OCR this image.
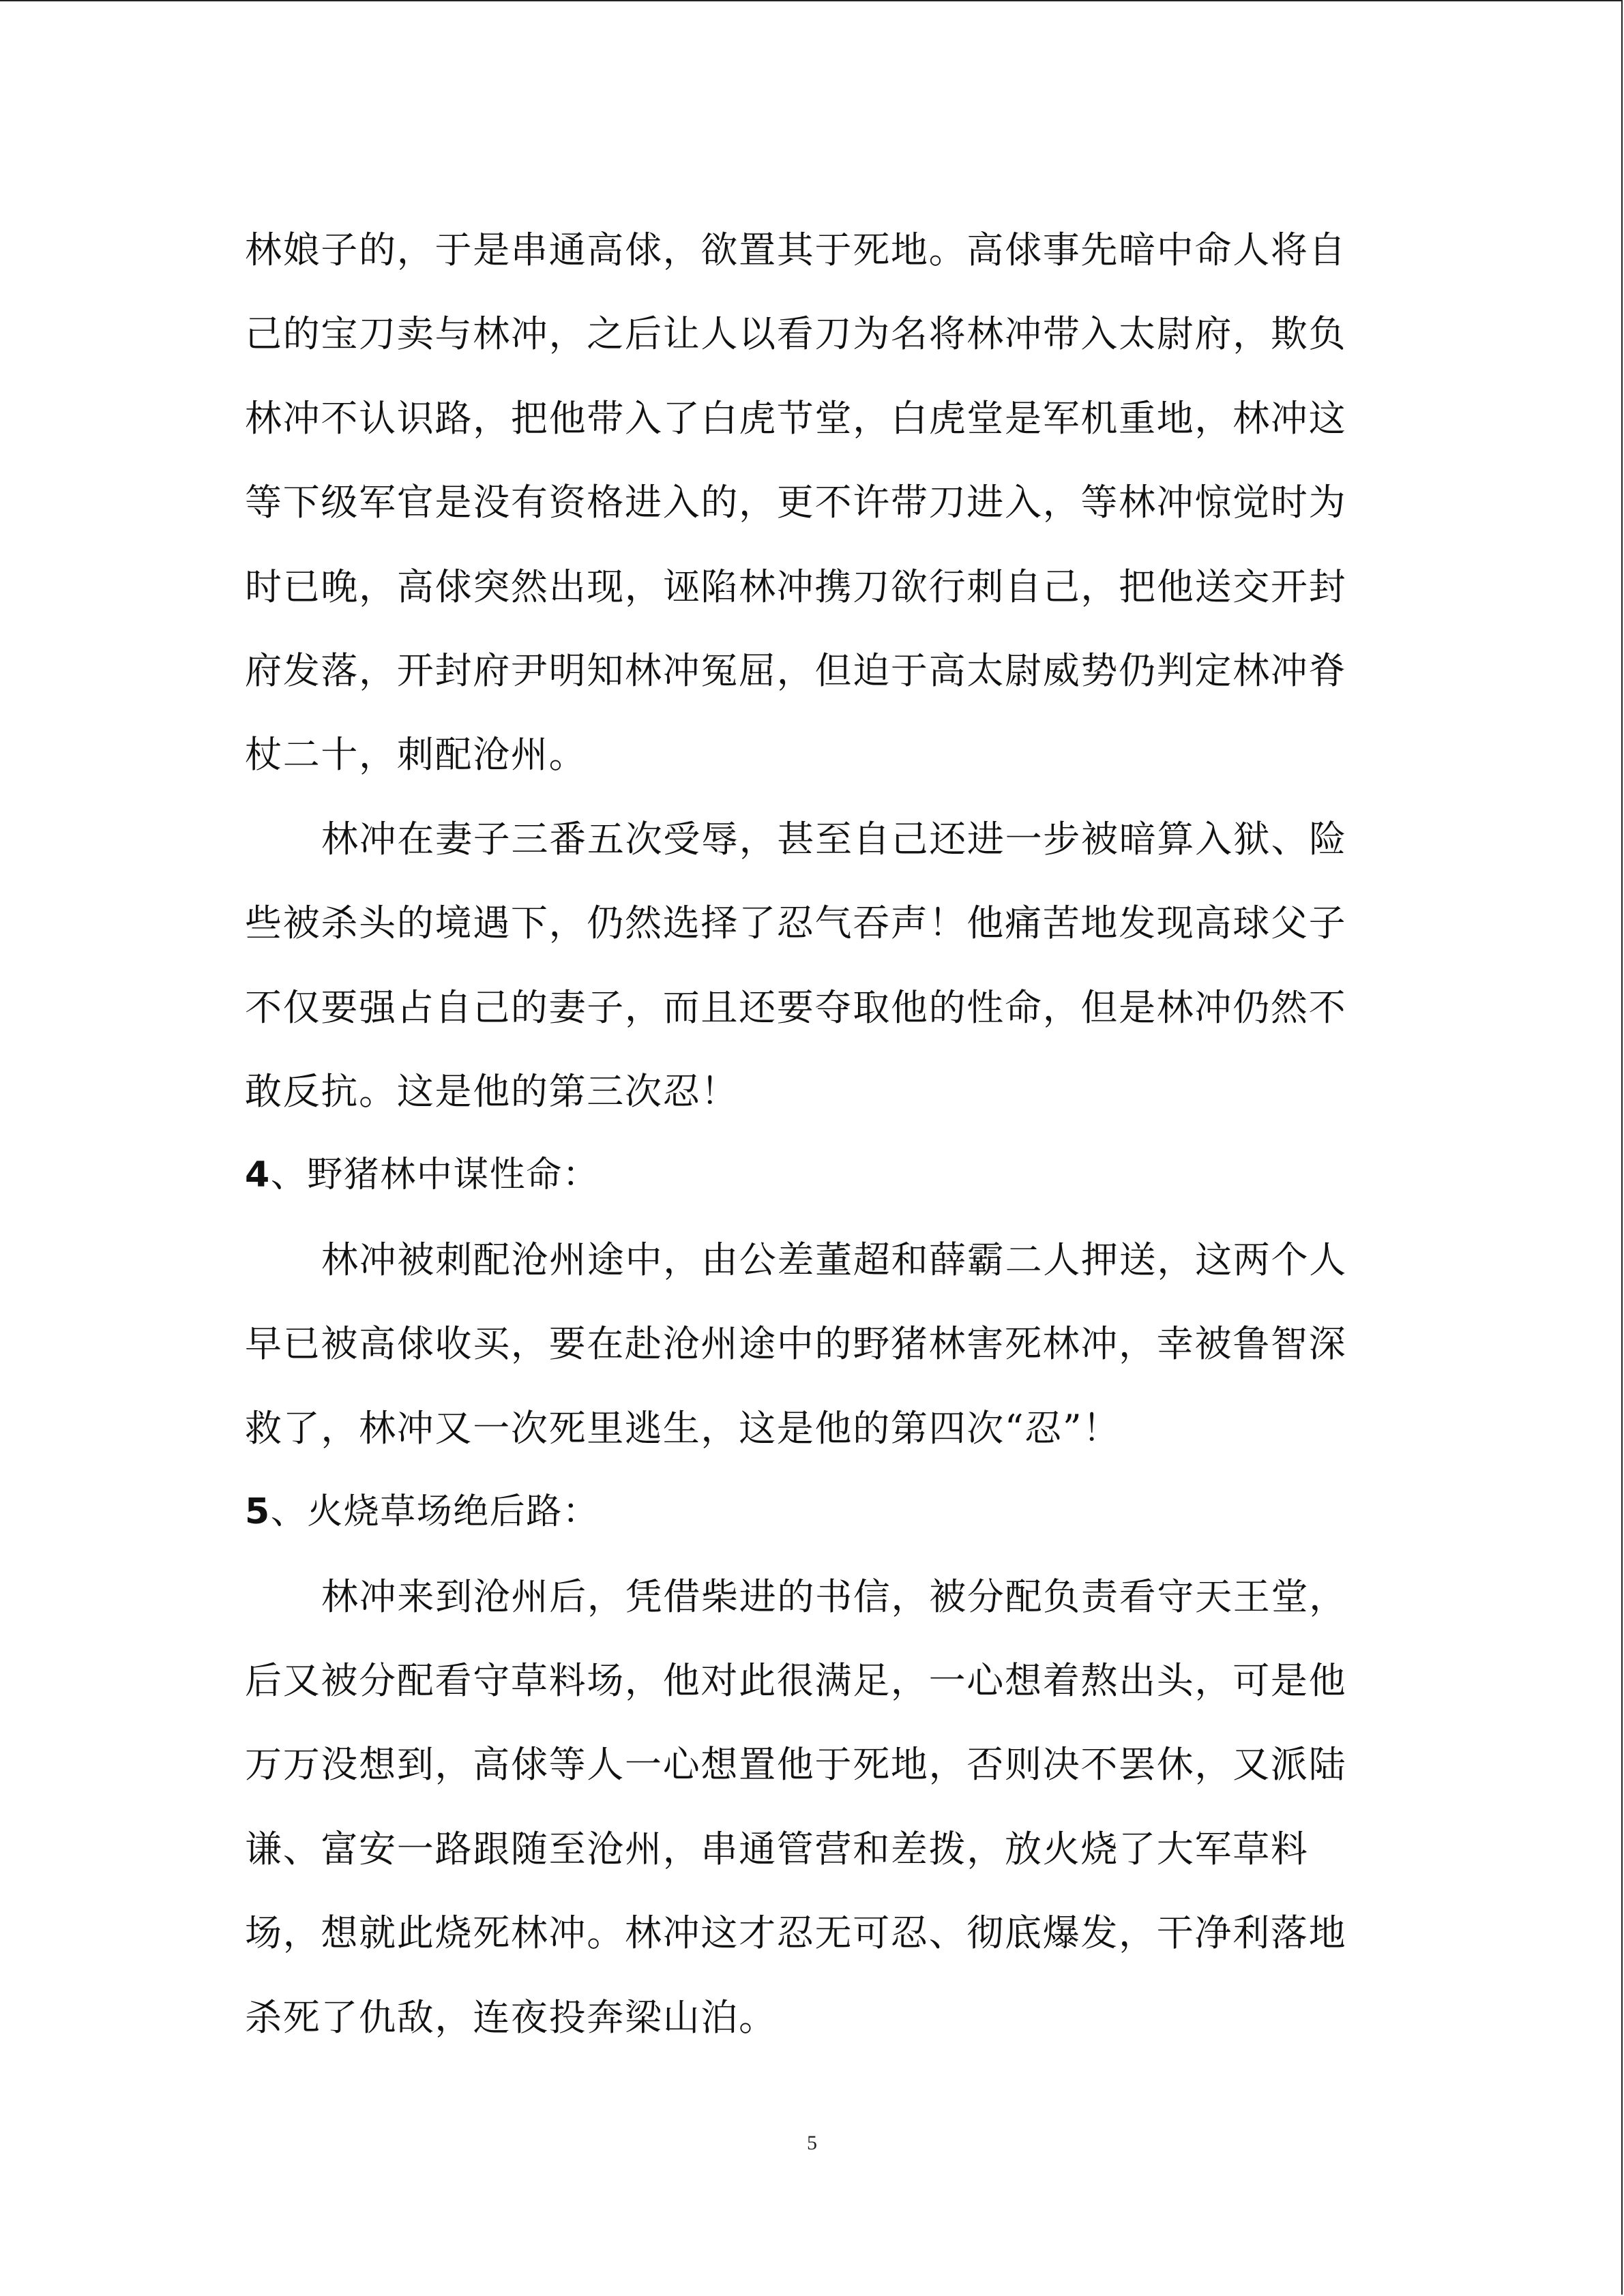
林娘子的，于是串通高俅，欲置其于死地。高俅事先暗中命人将自
己的宝刀卖与林冲，之后让人以看刀为名将林冲带入太尉府，欺负
林冲不认识路，把他带入了白虎节堂，白虎堂是军机重地，林冲这
等下级军官是没有资格进入的，更不许带刀进入，等林冲惊觉时为
时已晚，高俅突然出现，诬陷林冲携刀欲行刺自己，把他送交开封
府发落，开封府尹明知林冲冤屈，但迫于高太尉威势仍判定林冲脊
杖二十，刺配沧州。

林冲在妻子三番五次受辱，甚至自己还进一步被暗算入狱、险
些被杀头的境遇下，仍然选择了忍气吞声！他痛苦地发现高球父子
不仅要强占自己的妻子，而且还要夺取他的性命，但是林冲仍然不
敢反抗。这是他的第三次忍！

4、野猪林中谋性命：

林冲被刺配沧州途中，由公差董超和薛霸二人押送，这两个人
早已被高俅收买，要在赴沧州途中的野猪林害死林冲，幸被鲁智深
救了，林冲又一次死里逃生，这是他的第四次“忍”！

5、火烧草场绝后路：

林冲来到沧州后，凭借柴进的书信，被分配负责看守天王堂，
后又被分配看守草料场，他对此很满足，一心想着熬出头，可是他
万万没想到，高俅等人一心想置他于死地，否则决不罢休，又派陆
谦、富安一路跟随至沧州，串通管营和差拨，放火烧了大军草料
场，想就此烧死林冲。林冲这才忍无可忍、彻底爆发，干净利落地
杀死了仇敌，连夜投奔梁山泊。

5
